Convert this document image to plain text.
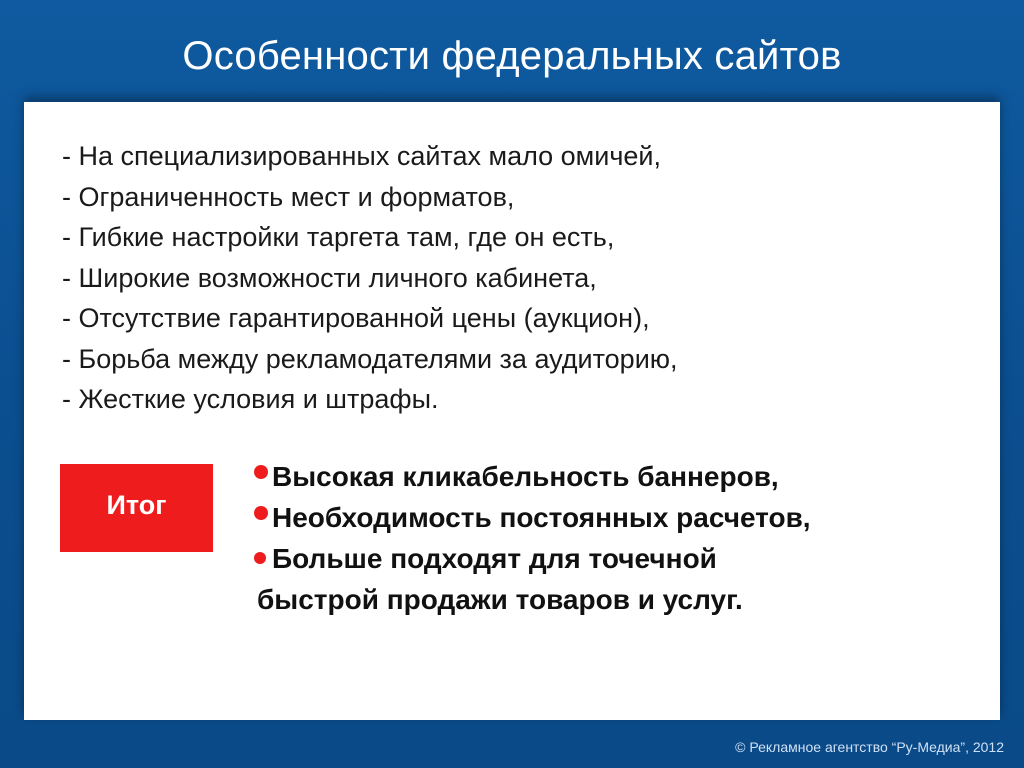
Особенности федеральных сайтов
- На специализированных сайтах мало омичей,
- Ограниченность мест и форматов,
- Гибкие настройки таргета там, где он есть,
- Широкие возможности личного кабинета,
- Отсутствие гарантированной цены (аукцион),
- Борьба между рекламодателями за аудиторию,
- Жесткие условия и штрафы.
Итог
Высокая кликабельность баннеров,
Необходимость постоянных расчетов,
Больше подходят для точечной
быстрой продажи товаров и услуг.
© Рекламное агентство “Ру-Медиа”, 2012
